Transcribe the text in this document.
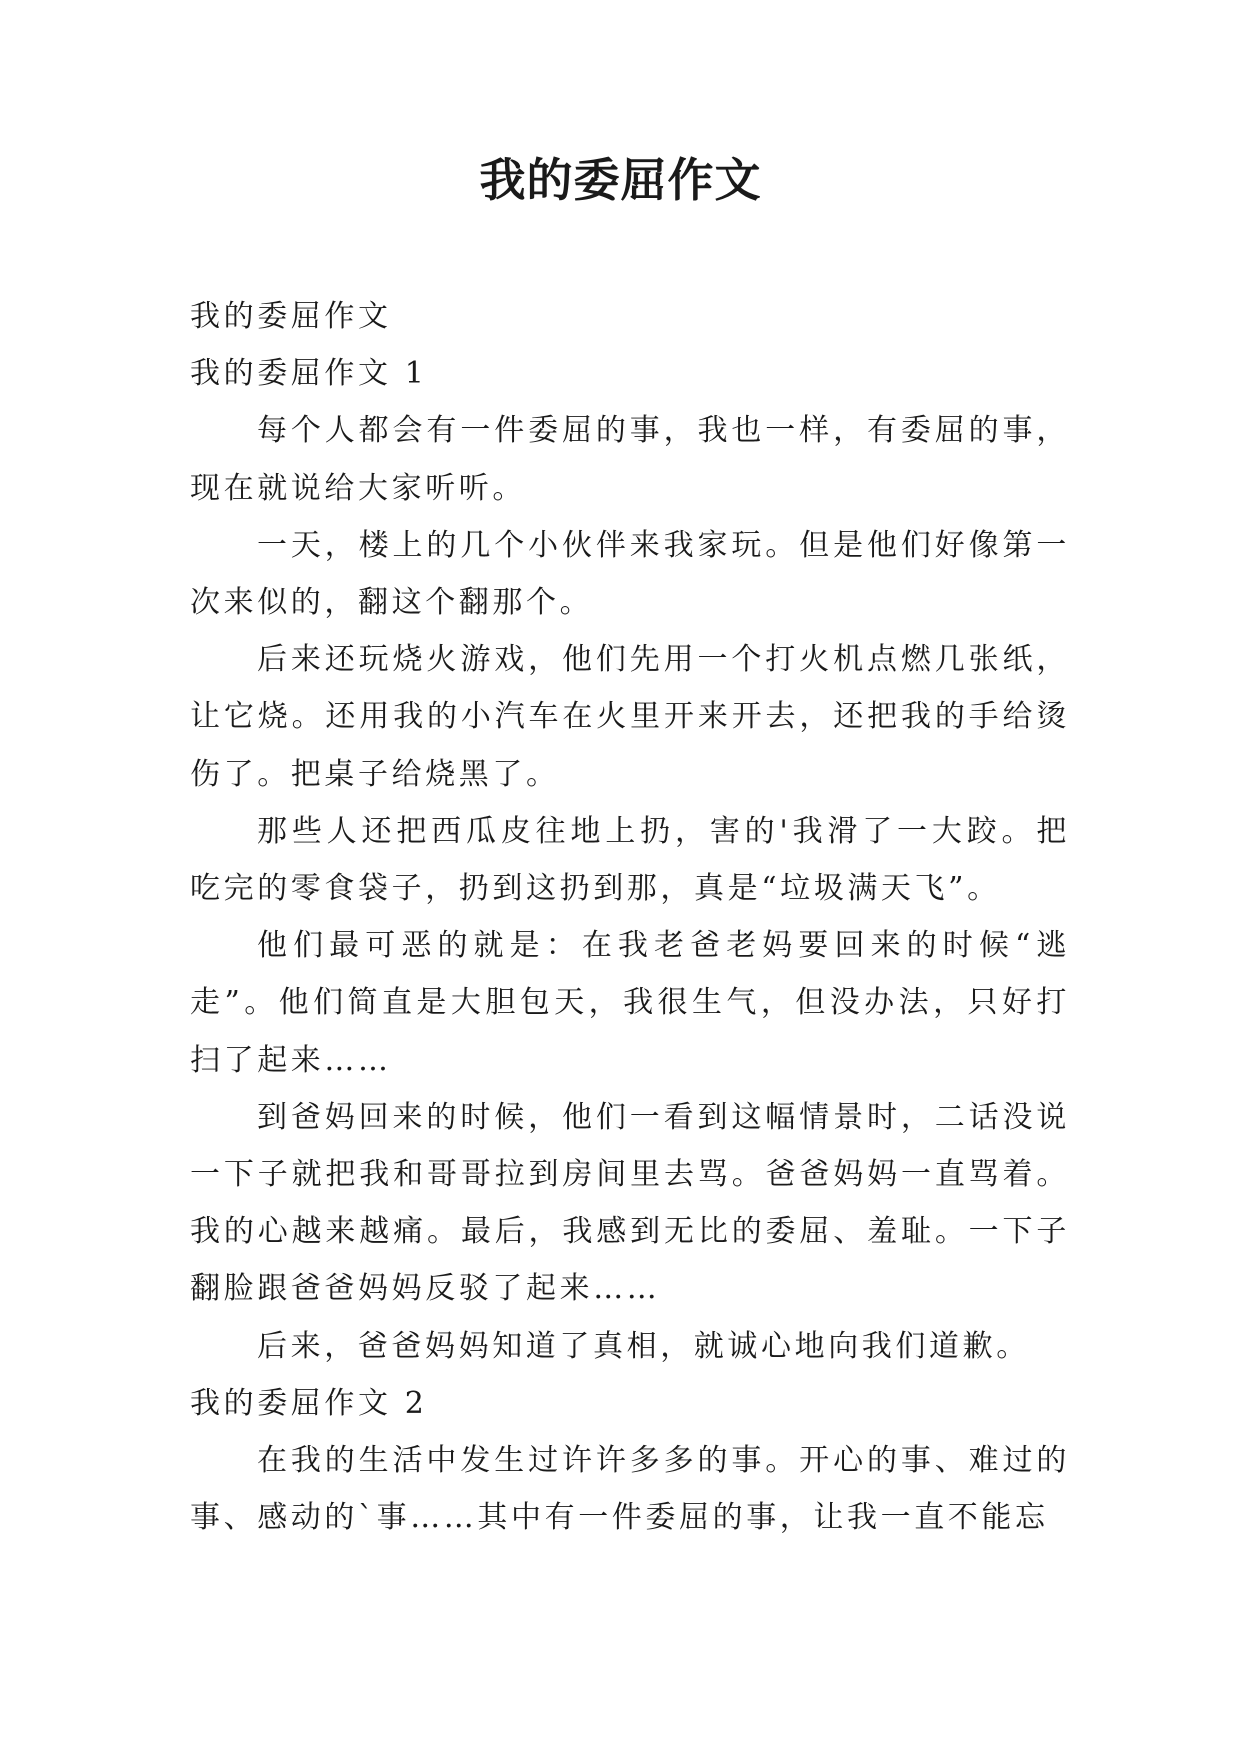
我的委屈作文

我的委屈作文

我的委屈作文 1

每个人都会有一件委屈的事，我也一样，有委屈的事，现在就说给大家听听。

一天，楼上的几个小伙伴来我家玩。但是他们好像第一次来似的，翻这个翻那个。

后来还玩烧火游戏，他们先用一个打火机点燃几张纸，让它烧。还用我的小汽车在火里开来开去，还把我的手给烫伤了。把桌子给烧黑了。

那些人还把西瓜皮往地上扔，害的'我滑了一大跤。把吃完的零食袋子，扔到这扔到那，真是“垃圾满天飞”。

他们最可恶的就是：在我老爸老妈要回来的时候“逃走”。他们简直是大胆包天，我很生气，但没办法，只好打扫了起来……

到爸妈回来的时候，他们一看到这幅情景时，二话没说一下子就把我和哥哥拉到房间里去骂。爸爸妈妈一直骂着。我的心越来越痛。最后，我感到无比的委屈、羞耻。一下子翻脸跟爸爸妈妈反驳了起来……

后来，爸爸妈妈知道了真相，就诚心地向我们道歉。

我的委屈作文 2

在我的生活中发生过许许多多的事。开心的事、难过的事、感动的`事……其中有一件委屈的事，让我一直不能忘
